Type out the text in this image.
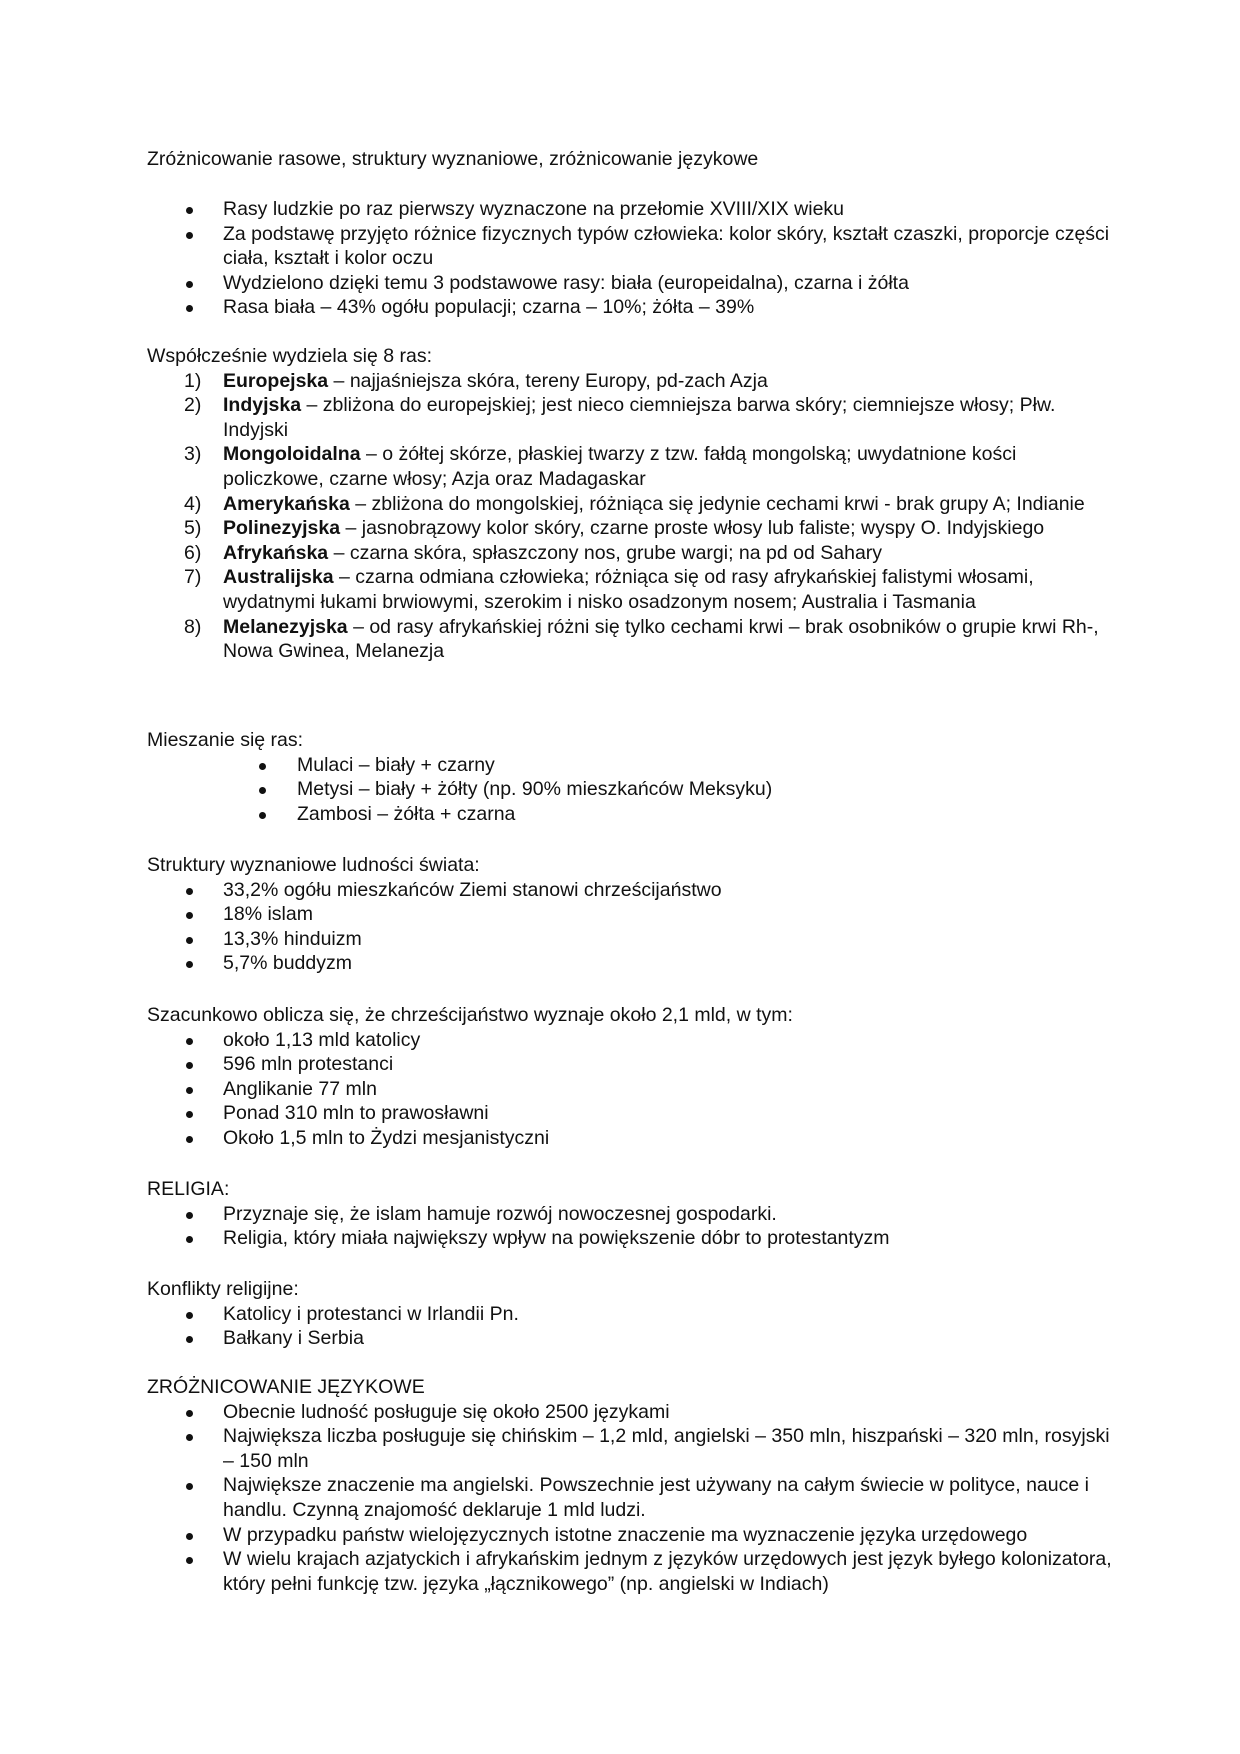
Zróżnicowanie rasowe, struktury wyznaniowe, zróżnicowanie językowe

Rasy ludzkie po raz pierwszy wyznaczone na przełomie XVIII/XIX wieku
Za podstawę przyjęto różnice fizycznych typów człowieka: kolor skóry, kształt czaszki, proporcje części ciała, kształt i kolor oczu
Wydzielono dzięki temu 3 podstawowe rasy: biała (europeidalna), czarna i żółta
Rasa biała – 43% ogółu populacji; czarna – 10%; żółta – 39%

Współcześnie wydziela się 8 ras:

1) Europejska – najjaśniejsza skóra, tereny Europy, pd-zach Azja
2) Indyjska – zbliżona do europejskiej; jest nieco ciemniejsza barwa skóry; ciemniejsze włosy; Płw. Indyjski
3) Mongoloidalna – o żółtej skórze, płaskiej twarzy z tzw. fałdą mongolską; uwydatnione kości policzkowe, czarne włosy; Azja oraz Madagaskar
4) Amerykańska – zbliżona do mongolskiej, różniąca się jedynie cechami krwi - brak grupy A; Indianie
5) Polinezyjska – jasnobrązowy kolor skóry, czarne proste włosy lub faliste; wyspy O. Indyjskiego
6) Afrykańska – czarna skóra, spłaszczony nos, grube wargi; na pd od Sahary
7) Australijska – czarna odmiana człowieka; różniąca się od rasy afrykańskiej falistymi włosami, wydatnymi łukami brwiowymi, szerokim i nisko osadzonym nosem; Australia i Tasmania
8) Melanezyjska – od rasy afrykańskiej różni się tylko cechami krwi – brak osobników o grupie krwi Rh-, Nowa Gwinea, Melanezja

Mieszanie się ras:

Mulaci – biały + czarny
Metysi – biały + żółty (np. 90% mieszkańców Meksyku)
Zambosi – żółta + czarna

Struktury wyznaniowe ludności świata:

33,2% ogółu mieszkańców Ziemi stanowi chrześcijaństwo
18% islam
13,3% hinduizm
5,7% buddyzm

Szacunkowo oblicza się, że chrześcijaństwo wyznaje około 2,1 mld, w tym:

około 1,13 mld katolicy
596 mln protestanci
Anglikanie 77 mln
Ponad 310 mln to prawosławni
Około 1,5 mln to Żydzi mesjanistyczni

RELIGIA:

Przyznaje się, że islam hamuje rozwój nowoczesnej gospodarki.
Religia, który miała największy wpływ na powiększenie dóbr to protestantyzm

Konflikty religijne:

Katolicy i protestanci w Irlandii Pn.
Bałkany i Serbia

ZRÓŻNICOWANIE JĘZYKOWE

Obecnie ludność posługuje się około 2500 językami
Największa liczba posługuje się chińskim – 1,2 mld, angielski – 350 mln, hiszpański – 320 mln, rosyjski – 150 mln
Największe znaczenie ma angielski. Powszechnie jest używany na całym świecie w polityce, nauce i handlu. Czynną znajomość deklaruje 1 mld ludzi.
W przypadku państw wielojęzycznych istotne znaczenie ma wyznaczenie języka urzędowego
W wielu krajach azjatyckich i afrykańskim jednym z języków urzędowych jest język byłego kolonizatora, który pełni funkcję tzw. języka „łącznikowego” (np. angielski w Indiach)
